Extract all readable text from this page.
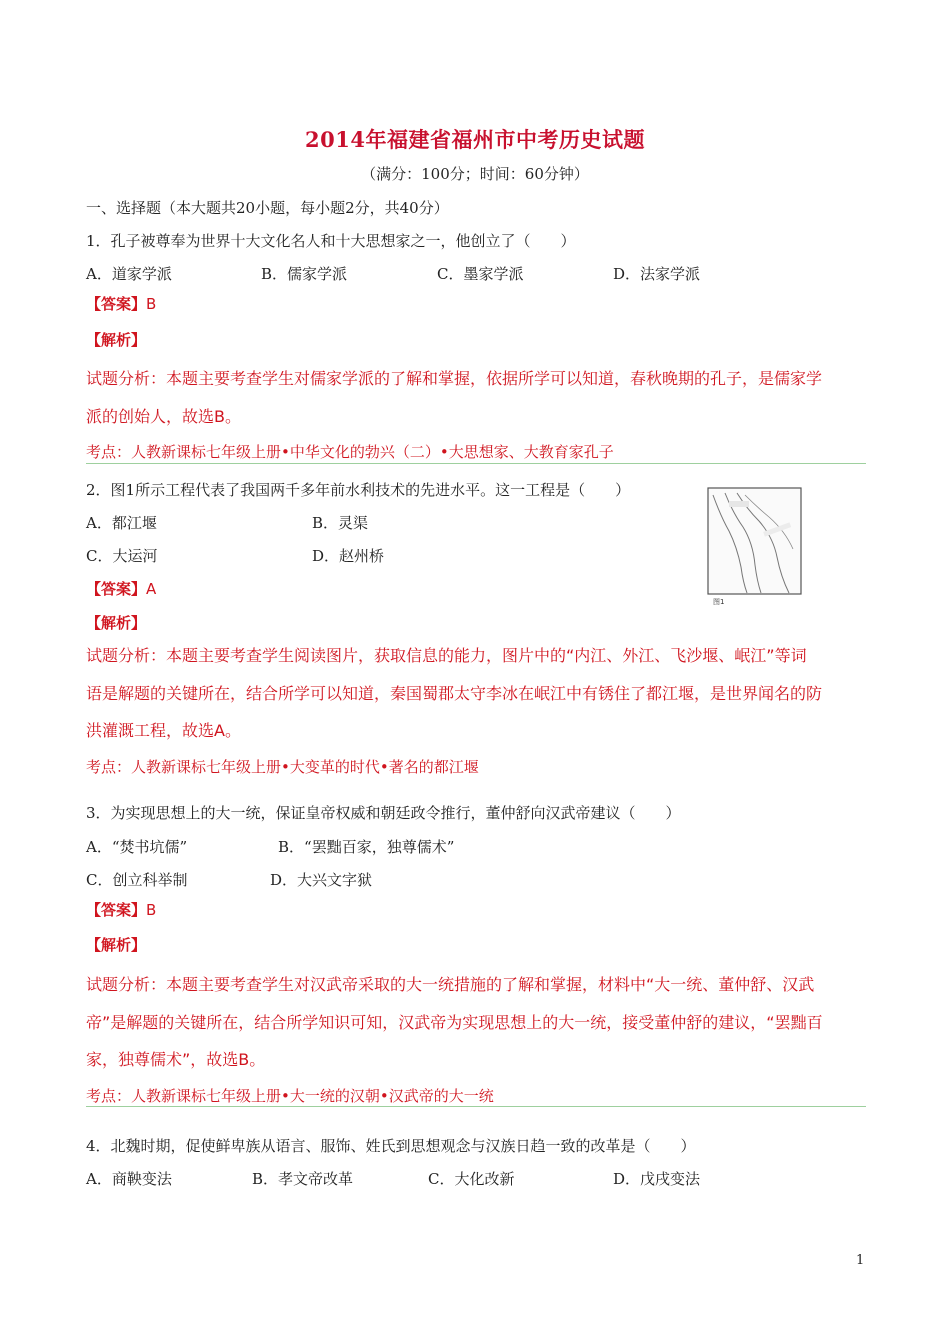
2014年福建省福州市中考历史试题
（满分：100分；时间：60分钟）
一、选择题（本大题共20小题，每小题2分，共40分）
1．孔子被尊奉为世界十大文化名人和十大思想家之一，他创立了（　　）
A．道家学派	B．儒家学派	C．墨家学派	D．法家学派
【答案】B
【解析】
试题分析：本题主要考查学生对儒家学派的了解和掌握，依据所学可以知道，春秋晚期的孔子，是儒家学
派的创始人，故选B。
考点：人教新课标七年级上册•中华文化的勃兴（二）•大思想家、大教育家孔子
2．图1所示工程代表了我国两千多年前水利技术的先进水平。这一工程是（　　）
A．都江堰	B．灵渠
C．大运河	D．赵州桥
图1
【答案】A
【解析】
试题分析：本题主要考查学生阅读图片，获取信息的能力，图片中的“内江、外江、飞沙堰、岷江”等词
语是解题的关键所在，结合所学可以知道，秦国蜀郡太守李冰在岷江中有锈住了都江堰，是世界闻名的防
洪灌溉工程，故选A。
考点：人教新课标七年级上册•大变革的时代•著名的都江堰
3．为实现思想上的大一统，保证皇帝权威和朝廷政令推行，董仲舒向汉武帝建议（　　）
A．“焚书坑儒”	B．“罢黜百家，独尊儒术”
C．创立科举制	D．大兴文字狱
【答案】B
【解析】
试题分析：本题主要考查学生对汉武帝采取的大一统措施的了解和掌握，材料中“大一统、董仲舒、汉武
帝”是解题的关键所在，结合所学知识可知，汉武帝为实现思想上的大一统，接受董仲舒的建议，“罢黜百
家，独尊儒术”，故选B。
考点：人教新课标七年级上册•大一统的汉朝•汉武帝的大一统
4．北魏时期，促使鲜卑族从语言、服饰、姓氏到思想观念与汉族日趋一致的改革是（　　）
A．商鞅变法	B．孝文帝改革	C．大化改新	D．戊戌变法
1
